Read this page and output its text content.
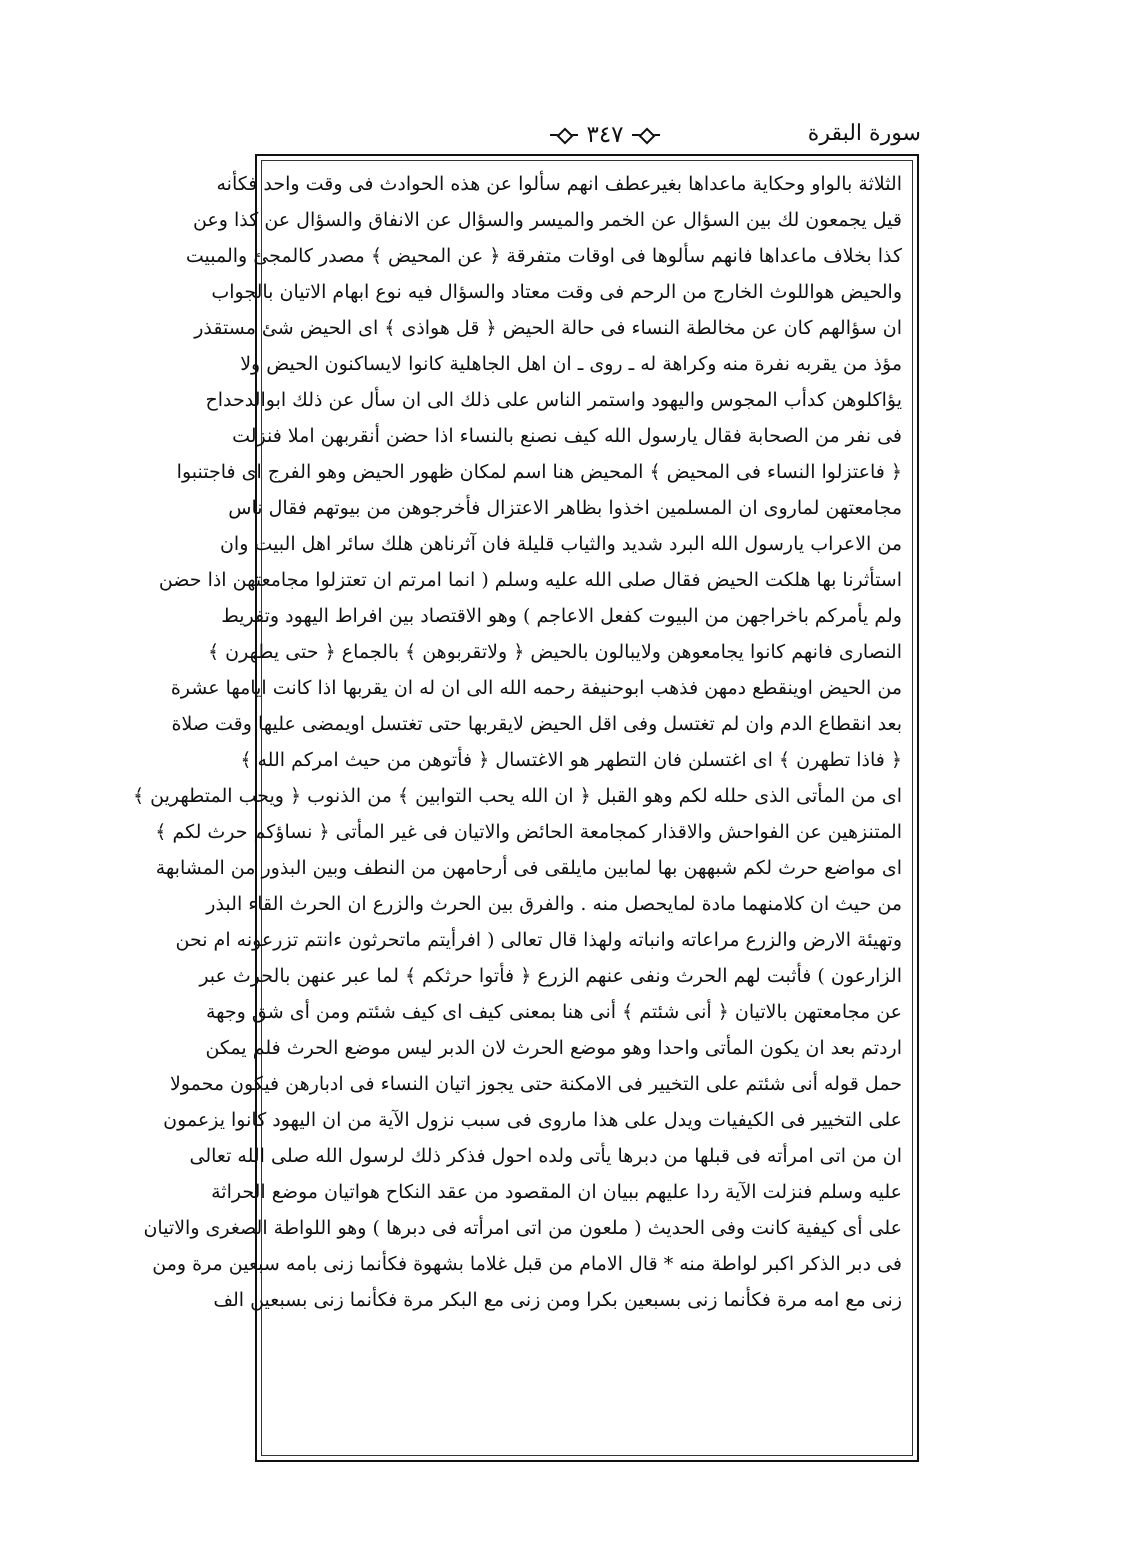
٣٤٧	سورة البقرة
الثلاثة بالواو وحكاية ماعداها بغيرعطف انهم سألوا عن هذه الحوادث فى وقت واحد فكأنه
قيل يجمعون لك بين السؤال عن الخمر والميسر والسؤال عن الانفاق والسؤال عن كذا وعن
كذا بخلاف ماعداها فانهم سألوها فى اوقات متفرقة ﴿ عن المحيض ﴾ مصدر كالمجئ والمبيت
والحيض هواللوث الخارج من الرحم فى وقت معتاد والسؤال فيه نوع ابهام الاتيان بالجواب
ان سؤالهم كان عن مخالطة النساء فى حالة الحيض ﴿ قل هواذى ﴾ اى الحيض شئ مستقذر
مؤذ من يقربه نفرة منه وكراهة له ـ روى ـ ان اهل الجاهلية كانوا لايساكنون الحيض ولا
يؤاكلوهن كدأب المجوس واليهود واستمر الناس على ذلك الى ان سأل عن ذلك ابوالدحداح
فى نفر من الصحابة فقال يارسول الله كيف نصنع بالنساء اذا حضن أنقربهن املا فنزلت
﴿ فاعتزلوا النساء فى المحيض ﴾ المحيض هنا اسم لمكان ظهور الحيض وهو الفرج اى فاجتنبوا
مجامعتهن لماروى ان المسلمين اخذوا بظاهر الاعتزال فأخرجوهن من بيوتهم فقال ناس
من الاعراب يارسول الله البرد شديد والثياب قليلة فان آثرناهن هلك سائر اهل البيت وان
استأثرنا بها هلكت الحيض فقال صلى الله عليه وسلم ( انما امرتم ان تعتزلوا مجامعتهن اذا حضن
ولم يأمركم باخراجهن من البيوت كفعل الاعاجم ) وهو الاقتصاد بين افراط اليهود وتفريط
النصارى فانهم كانوا يجامعوهن ولايبالون بالحيض ﴿ ولاتقربوهن ﴾ بالجماع ﴿ حتى يطهرن ﴾
من الحيض اوينقطع دمهن فذهب ابوحنيفة رحمه الله الى ان له ان يقربها اذا كانت ايامها عشرة
بعد انقطاع الدم وان لم تغتسل وفى اقل الحيض لايقربها حتى تغتسل اويمضى عليها وقت صلاة
﴿ فاذا تطهرن ﴾ اى اغتسلن فان التطهر هو الاغتسال ﴿ فأتوهن من حيث امركم الله ﴾
اى من المأتى الذى حلله لكم وهو القبل ﴿ ان الله يحب التوابين ﴾ من الذنوب ﴿ ويحب المتطهرين ﴾
المتنزهين عن الفواحش والاقذار كمجامعة الحائض والاتيان فى غير المأتى ﴿ نساؤكم حرث لكم ﴾
اى مواضع حرث لكم شبههن بها لمابين مايلقى فى أرحامهن من النطف وبين البذور من المشابهة
من حيث ان كلامنهما مادة لمايحصل منه . والفرق بين الحرث والزرع ان الحرث القاء البذر
وتهيئة الارض والزرع مراعاته وانباته ولهذا قال تعالى ( افرأيتم ماتحرثون ءانتم تزرعونه ام نحن
الزارعون ) فأثبت لهم الحرث ونفى عنهم الزرع ﴿ فأتوا حرثكم ﴾ لما عبر عنهن بالحرث عبر
عن مجامعتهن بالاتيان ﴿ أنى شئتم ﴾ أنى هنا بمعنى كيف اى كيف شئتم ومن أى شق وجهة
اردتم بعد ان يكون المأتى واحدا وهو موضع الحرث لان الدبر ليس موضع الحرث فلم يمكن
حمل قوله أنى شئتم على التخيير فى الامكنة حتى يجوز اتيان النساء فى ادبارهن فيكون محمولا
على التخيير فى الكيفيات ويدل على هذا ماروى فى سبب نزول الآية من ان اليهود كانوا يزعمون
ان من اتى امرأته فى قبلها من دبرها يأتى ولده احول فذكر ذلك لرسول الله صلى الله تعالى
عليه وسلم فنزلت الآية ردا عليهم ببيان ان المقصود من عقد النكاح هواتيان موضع الحراثة
على أى كيفية كانت وفى الحديث ( ملعون من اتى امرأته فى دبرها ) وهو اللواطة الصغرى والاتيان
فى دبر الذكر اكبر لواطة منه * قال الامام من قبل غلاما بشهوة فكأنما زنى بامه سبعين مرة ومن
زنى مع امه مرة فكأنما زنى بسبعين بكرا ومن زنى مع البكر مرة فكأنما زنى بسبعين الف
